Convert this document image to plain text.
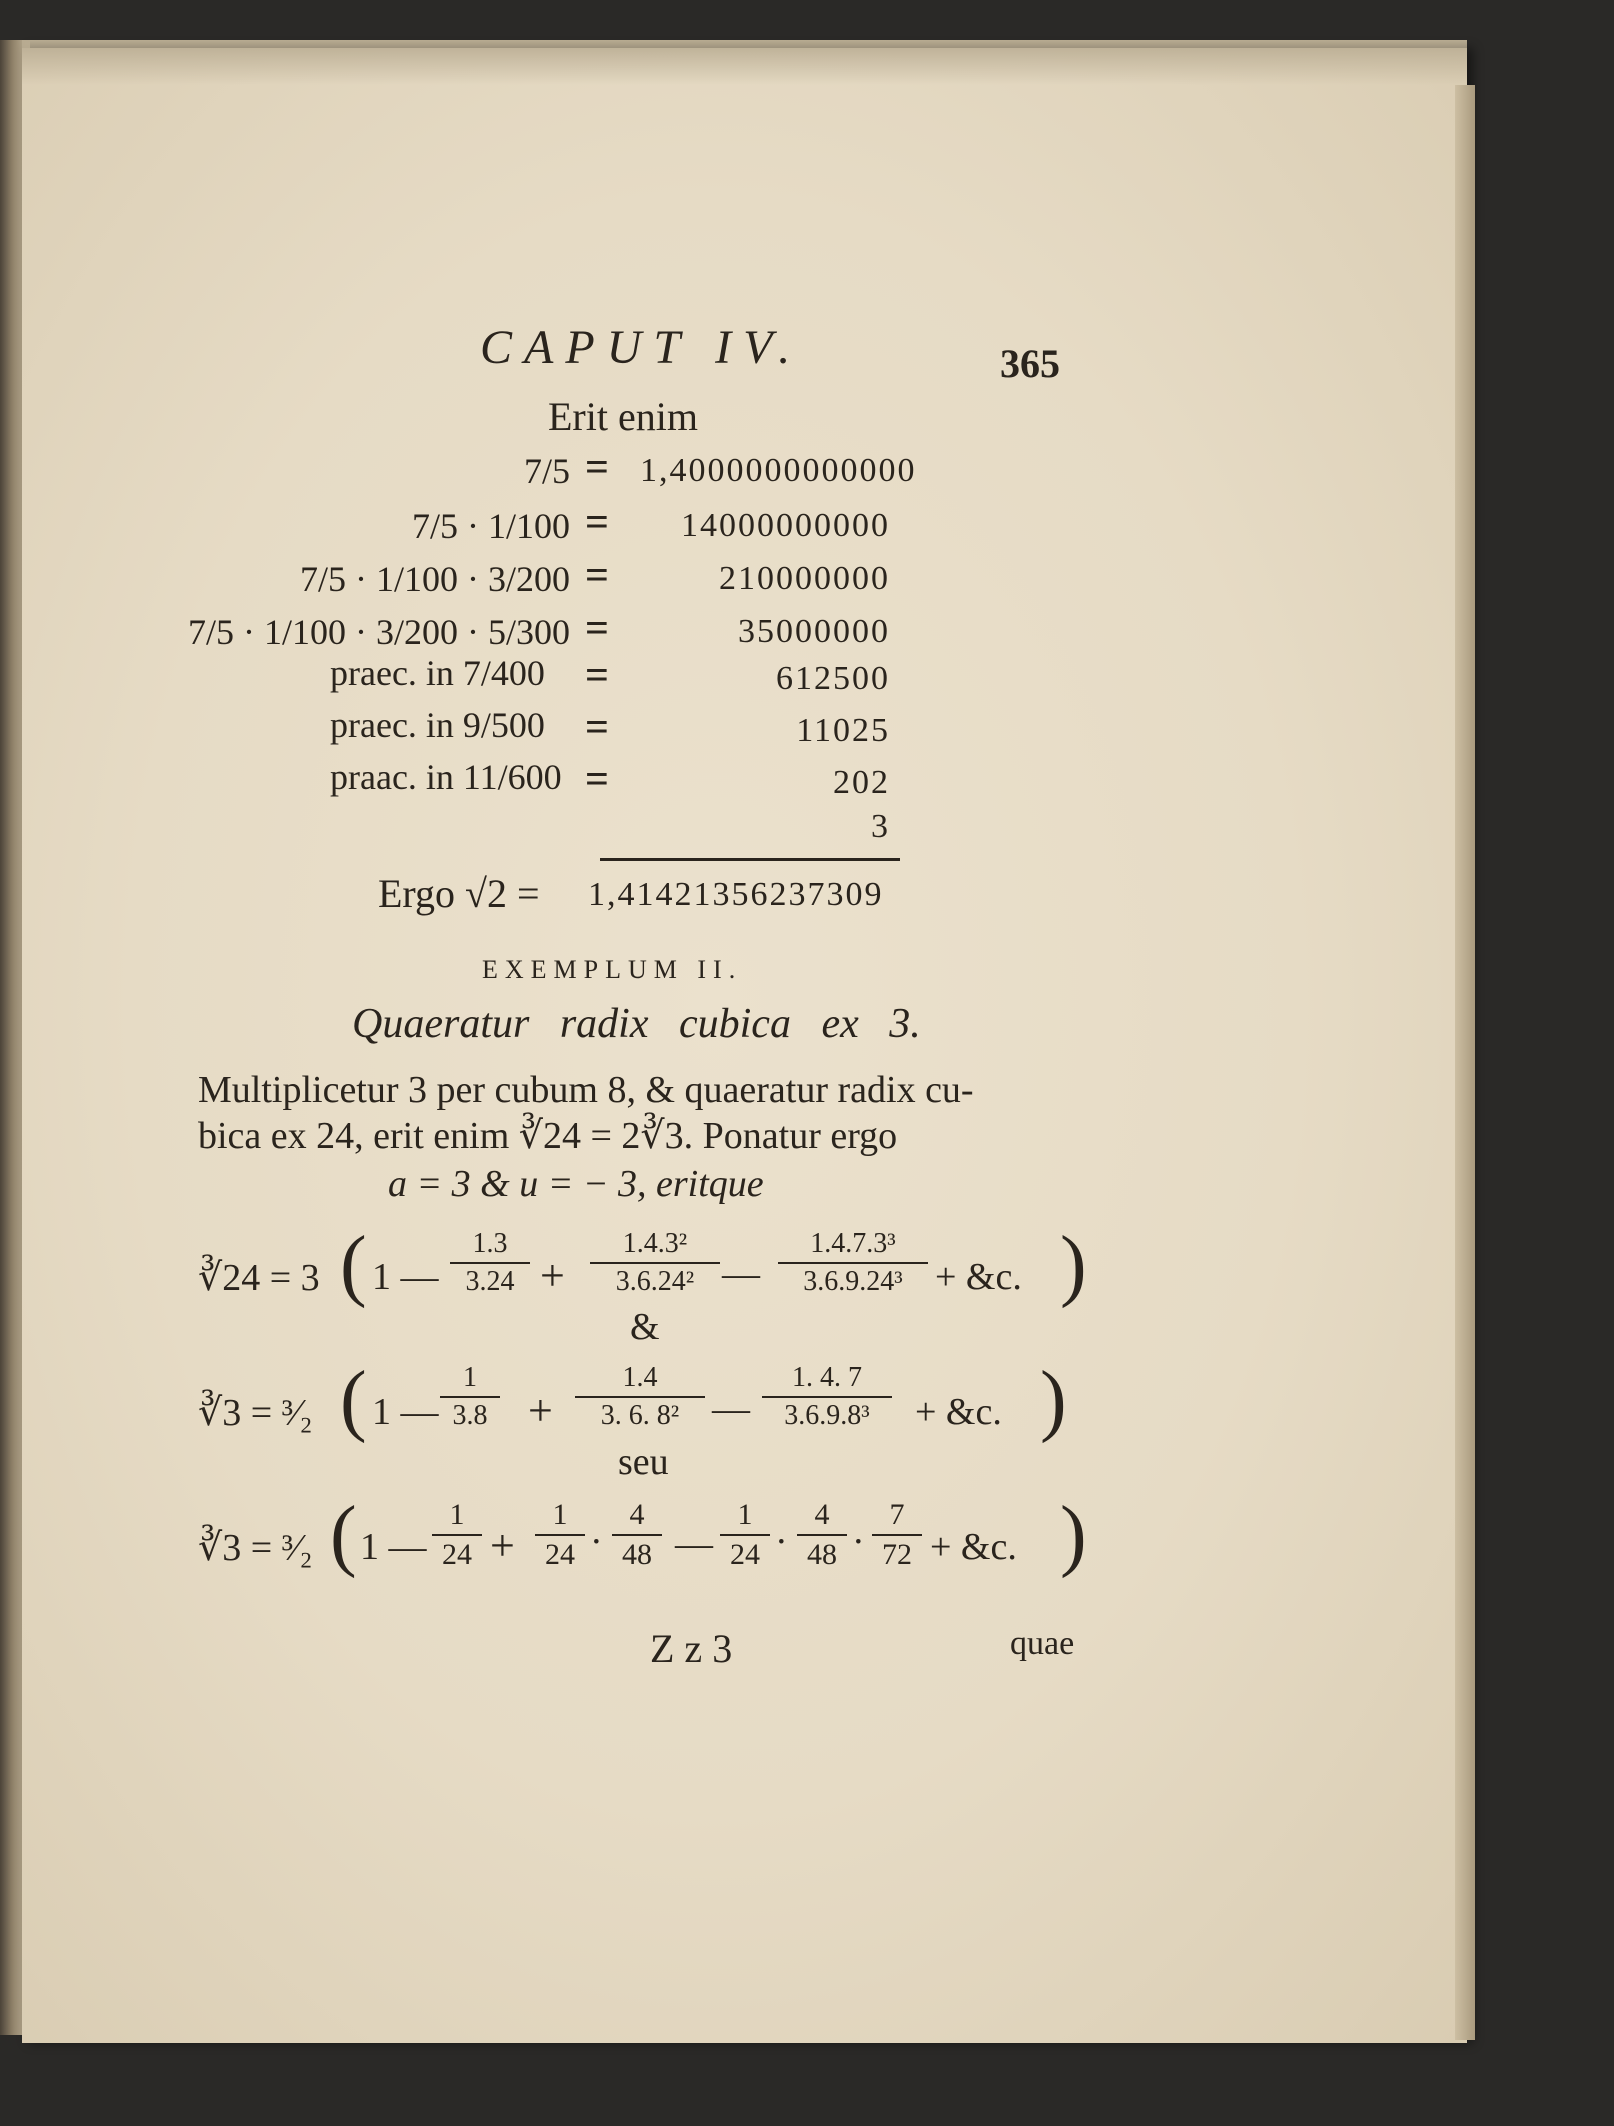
CAPUT IV.	365
Erit enim
7/5 = 1,4000000000000
7/5 · 1/100 =	14000000000
7/5 · 1/100 · 3/200 =	210000000
7/5 · 1/100 · 3/200 · 5/300 =	35000000
praec. in 7/400 =	612500
praec. in 9/500 =	11025
praac. in 11/600 =	202
3
Ergo √2 = 1,41421356237309
EXEMPLUM II.
Quaeratur radix cubica ex 3.
Multiplicetur 3 per cubum 8, & quaeratur radix cu-
bica ex 24, erit enim ∛24 = 2∛3. Ponatur ergo
a = 3 & u = − 3, eritque
∛24 = 3 ( 1 — $\frac{1.3}{3.24} + \frac{\text{1.4.3²}}{\text{3.6.24²}}$ — $\frac{\text{1.4.7.3³}}{\text{3.6.9.24³}}$ + &c. )
&
∛3 = ³⁄₂ ( 1 — $\frac{1}{3.8} + \frac{1.4}{\text{3. 6. 8²}}$ — $\frac{1. 4. 7}{\text{3.6.9.8³}}$ + &c. )
seu
∛3 = ³⁄₂ ( 1 — $\frac{1}{24} + \frac{1}{24} \cdot \frac{4}{48}$ — $\frac{1}{24} \cdot \frac{4}{48} \cdot \frac{7}{72}$ + &c. )
Z z 3	quae
